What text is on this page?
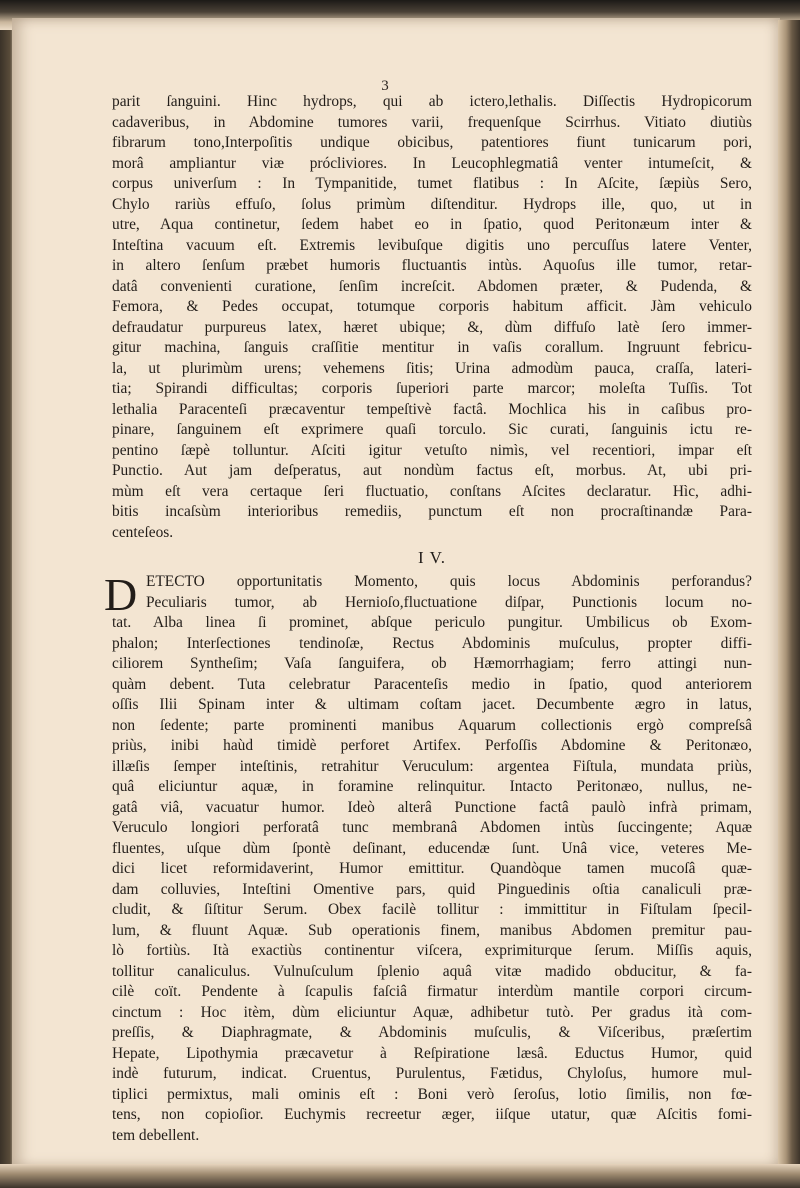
3
parit ſanguini. Hinc hydrops, qui ab ictero,lethalis. Diſſectis Hydropicorum
cadaveribus, in Abdomine tumores varii, frequenſque Scirrhus. Vitiato diutiùs
fibrarum tono,Interpoſitis undique obicibus, patentiores fiunt tunicarum pori,
morâ ampliantur viæ prócliviores. In Leucophlegmatiâ venter intumeſcit, &
corpus univerſum : In Tympanitide, tumet flatibus : In Aſcite, ſæpiùs Sero,
Chylo rariùs effuſo, ſolus primùm diſtenditur. Hydrops ille, quo, ut in
utre, Aqua continetur, ſedem habet eo in ſpatio, quod Peritonæum inter &
Inteſtina vacuum eſt. Extremis levibuſque digitis uno percuſſus latere Venter,
in altero ſenſum præbet humoris fluctuantis intùs. Aquoſus ille tumor, retar-
datâ convenienti curatione, ſenſim increſcit. Abdomen præter, & Pudenda, &
Femora, & Pedes occupat, totumque corporis habitum afficit. Jàm vehiculo
defraudatur purpureus latex, hæret ubique; &, dùm diffuſo latè ſero immer-
gitur machina, ſanguis craſſitie mentitur in vaſis corallum. Ingruunt febricu-
la, ut plurimùm urens; vehemens ſitis; Urina admodùm pauca, craſſa, lateri-
tia; Spirandi difficultas; corporis ſuperiori parte marcor; moleſta Tuſſis. Tot
lethalia Paracenteſi præcaventur tempeſtivè factâ. Mochlica his in caſibus pro-
pinare, ſanguinem eſt exprimere quaſi torculo. Sic curati, ſanguinis ictu re-
pentino ſæpè tolluntur. Aſciti igitur vetuſto nimìs, vel recentiori, impar eſt
Punctio. Aut jam deſperatus, aut nondùm factus eſt, morbus. At, ubi pri-
mùm eſt vera certaque ſeri fluctuatio, conſtans Aſcites declaratur. Hìc, adhi-
bitis incaſsùm interioribus remediis, punctum eſt non procraſtinandæ Para-
centeſeos.
I V.
D ETECTO opportunitatis Momento, quis locus Abdominis perforandus?
Peculiaris tumor, ab Hernioſo,fluctuatione diſpar, Punctionis locum no-
tat. Alba linea ſi prominet, abſque periculo pungitur. Umbilicus ob Exom-
phalon; Interſectiones tendinoſæ, Rectus Abdominis muſculus, propter diffi-
ciliorem Syntheſim; Vaſa ſanguifera, ob Hæmorrhagiam; ferro attingi nun-
quàm debent. Tuta celebratur Paracenteſis medio in ſpatio, quod anteriorem
oſſis Ilii Spinam inter & ultimam coſtam jacet. Decumbente ægro in latus,
non ſedente; parte prominenti manibus Aquarum collectionis ergò compreſsâ
priùs, inibi haùd timidè perforet Artifex. Perfoſſis Abdomine & Peritonæo,
illæſis ſemper inteſtinis, retrahitur Veruculum: argentea Fiſtula, mundata priùs,
quâ eliciuntur aquæ, in foramine relinquitur. Intacto Peritonæo, nullus, ne-
gatâ viâ, vacuatur humor. Ideò alterâ Punctione factâ paulò infrà primam,
Veruculo longiori perforatâ tunc membranâ Abdomen intùs ſuccingente; Aquæ
fluentes, uſque dùm ſpontè deſinant, educendæ ſunt. Unâ vice, veteres Me-
dici licet reformidaverint, Humor emittitur. Quandòque tamen mucoſâ quæ-
dam colluvies, Inteſtini Omentive pars, quid Pinguedinis oſtia canaliculi præ-
cludit, & ſiſtitur Serum. Obex facilè tollitur : immittitur in Fiſtulam ſpecil-
lum, & fluunt Aquæ. Sub operationis finem, manibus Abdomen premitur pau-
lò fortiùs. Ità exactiùs continentur viſcera, exprimiturque ſerum. Miſſis aquis,
tollitur canaliculus. Vulnuſculum ſplenio aquâ vitæ madido obducitur, & fa-
cilè coït. Pendente à ſcapulis faſciâ firmatur interdùm mantile corpori circum-
cinctum : Hoc itèm, dùm eliciuntur Aquæ, adhibetur tutò. Per gradus ità com-
preſſis, & Diaphragmate, & Abdominis muſculis, & Viſceribus, præſertim
Hepate, Lipothymia præcavetur à Reſpiratione læsâ. Eductus Humor, quid
indè futurum, indicat. Cruentus, Purulentus, Fætidus, Chyloſus, humore mul-
tiplici permixtus, mali ominis eſt : Boni verò ſeroſus, lotio ſimilis, non fœ-
tens, non copioſior. Euchymis recreetur æger, iiſque utatur, quæ Aſcitis fomi-
tem debellent.
